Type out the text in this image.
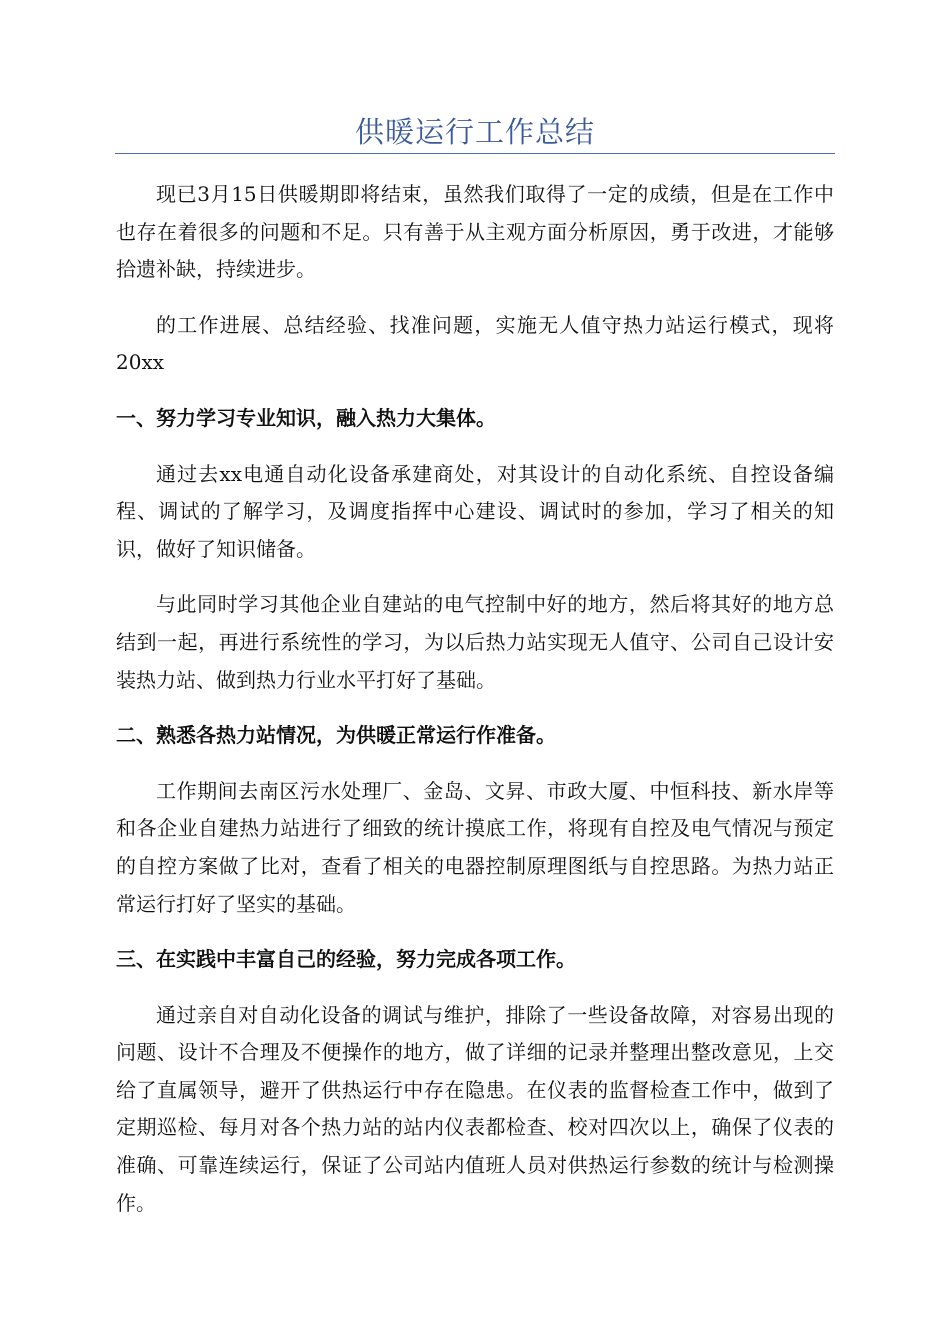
供暖运行工作总结

现已3月15日供暖期即将结束，虽然我们取得了一定的成绩，但是在工作中也存在着很多的问题和不足。只有善于从主观方面分析原因，勇于改进，才能够拾遗补缺，持续进步。

的工作进展、总结经验、找准问题，实施无人值守热力站运行模式，现将20xx

一、努力学习专业知识，融入热力大集体。

通过去xx电通自动化设备承建商处，对其设计的自动化系统、自控设备编程、调试的了解学习，及调度指挥中心建设、调试时的参加，学习了相关的知识，做好了知识储备。

与此同时学习其他企业自建站的电气控制中好的地方，然后将其好的地方总结到一起，再进行系统性的学习，为以后热力站实现无人值守、公司自己设计安装热力站、做到热力行业水平打好了基础。

二、熟悉各热力站情况，为供暖正常运行作准备。

工作期间去南区污水处理厂、金岛、文昇、市政大厦、中恒科技、新水岸等和各企业自建热力站进行了细致的统计摸底工作，将现有自控及电气情况与预定的自控方案做了比对，查看了相关的电器控制原理图纸与自控思路。为热力站正常运行打好了坚实的基础。

三、在实践中丰富自己的经验，努力完成各项工作。

通过亲自对自动化设备的调试与维护，排除了一些设备故障，对容易出现的问题、设计不合理及不便操作的地方，做了详细的记录并整理出整改意见，上交给了直属领导，避开了供热运行中存在隐患。在仪表的监督检查工作中，做到了定期巡检、每月对各个热力站的站内仪表都检查、校对四次以上，确保了仪表的准确、可靠连续运行，保证了公司站内值班人员对供热运行参数的统计与检测操作。
